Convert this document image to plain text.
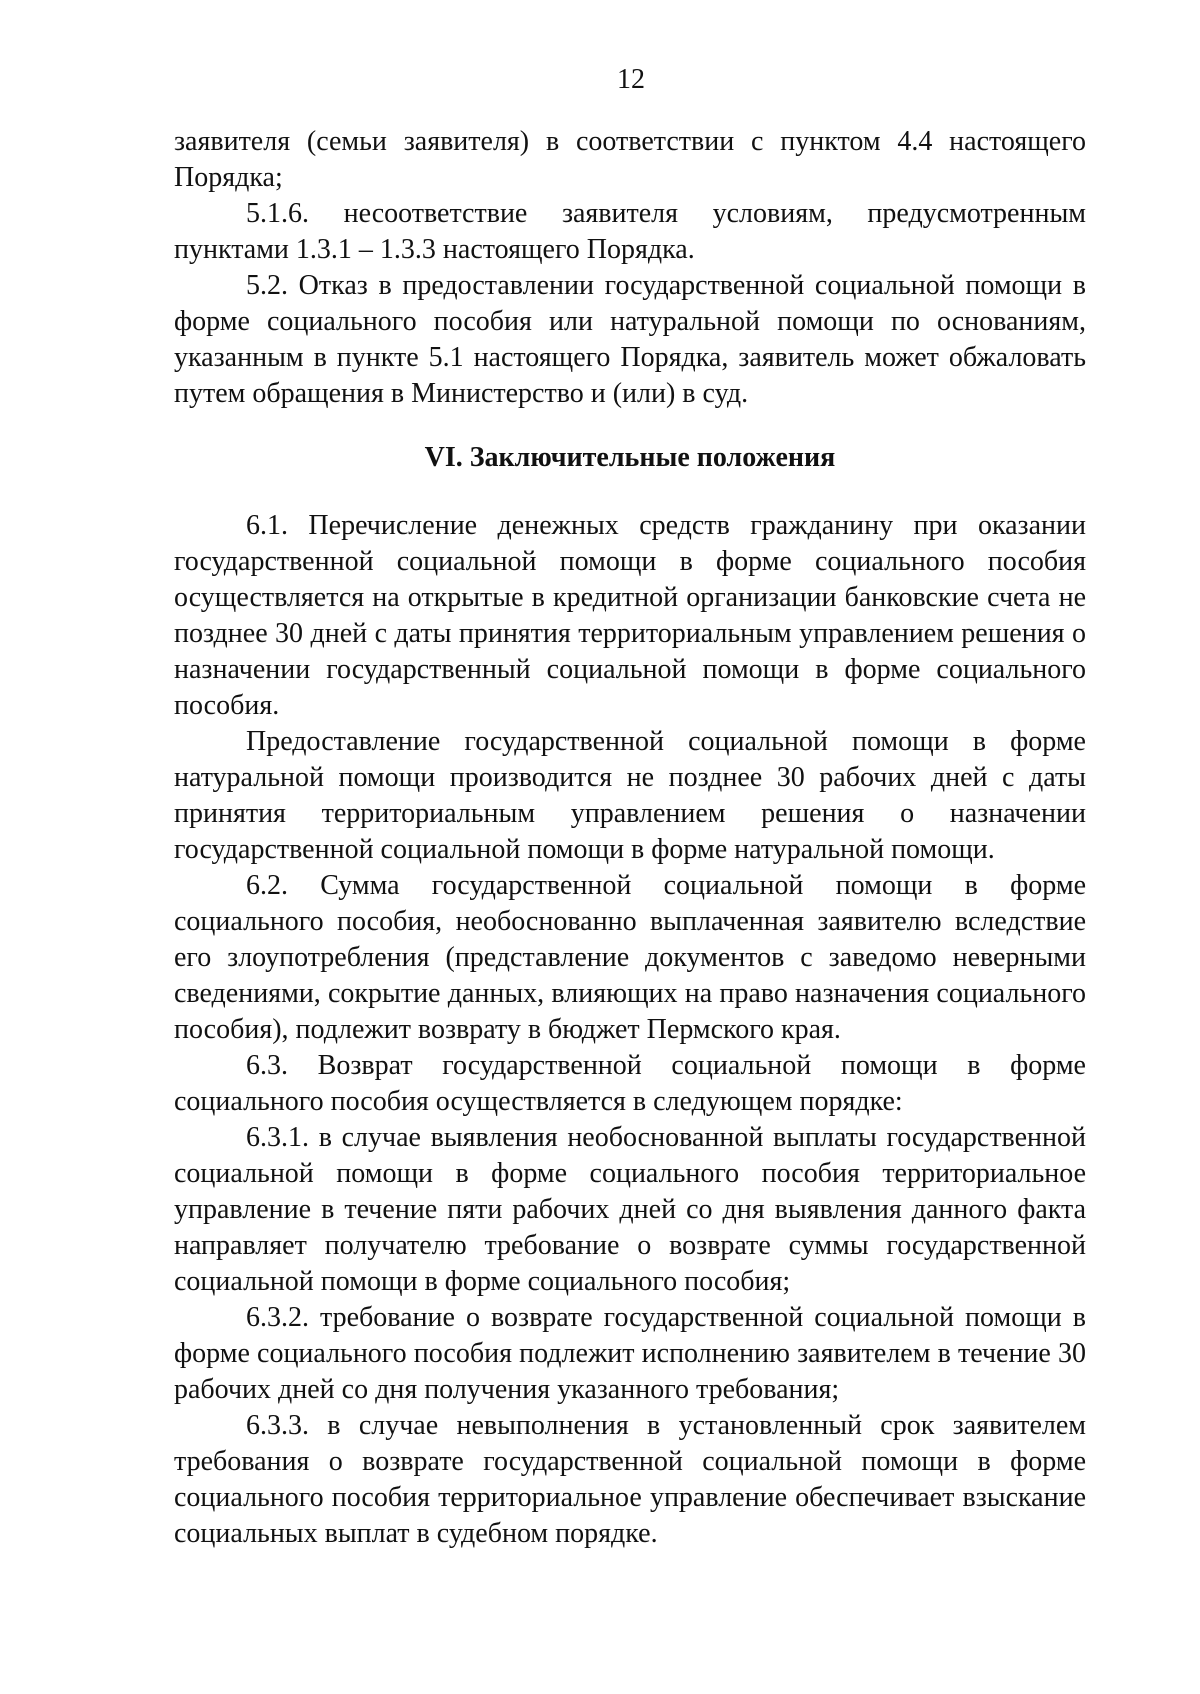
12

заявителя (семьи заявителя) в соответствии с пунктом 4.4 настоящего Порядка;

5.1.6. несоответствие заявителя условиям, предусмотренным пунктами 1.3.1 – 1.3.3 настоящего Порядка.

5.2. Отказ в предоставлении государственной социальной помощи в форме социального пособия или натуральной помощи по основаниям, указанным в пункте 5.1 настоящего Порядка, заявитель может обжаловать путем обращения в Министерство и (или) в суд.

VI. Заключительные положения

6.1. Перечисление денежных средств гражданину при оказании государственной социальной помощи в форме социального пособия осуществляется на открытые в кредитной организации банковские счета не позднее 30 дней с даты принятия территориальным управлением решения о назначении государственный социальной помощи в форме социального пособия.

Предоставление государственной социальной помощи в форме натуральной помощи производится не позднее 30 рабочих дней с даты принятия территориальным управлением решения о назначении государственной социальной помощи в форме натуральной помощи.

6.2. Сумма государственной социальной помощи в форме социального пособия, необоснованно выплаченная заявителю вследствие его злоупотребления (представление документов с заведомо неверными сведениями, сокрытие данных, влияющих на право назначения социального пособия), подлежит возврату в бюджет Пермского края.

6.3. Возврат государственной социальной помощи в форме социального пособия осуществляется в следующем порядке:

6.3.1. в случае выявления необоснованной выплаты государственной социальной помощи в форме социального пособия территориальное управление в течение пяти рабочих дней со дня выявления данного факта направляет получателю требование о возврате суммы государственной социальной помощи в форме социального пособия;

6.3.2. требование о возврате государственной социальной помощи в форме социального пособия подлежит исполнению заявителем в течение 30 рабочих дней со дня получения указанного требования;

6.3.3. в случае невыполнения в установленный срок заявителем требования о возврате государственной социальной помощи в форме социального пособия территориальное управление обеспечивает взыскание социальных выплат в судебном порядке.
